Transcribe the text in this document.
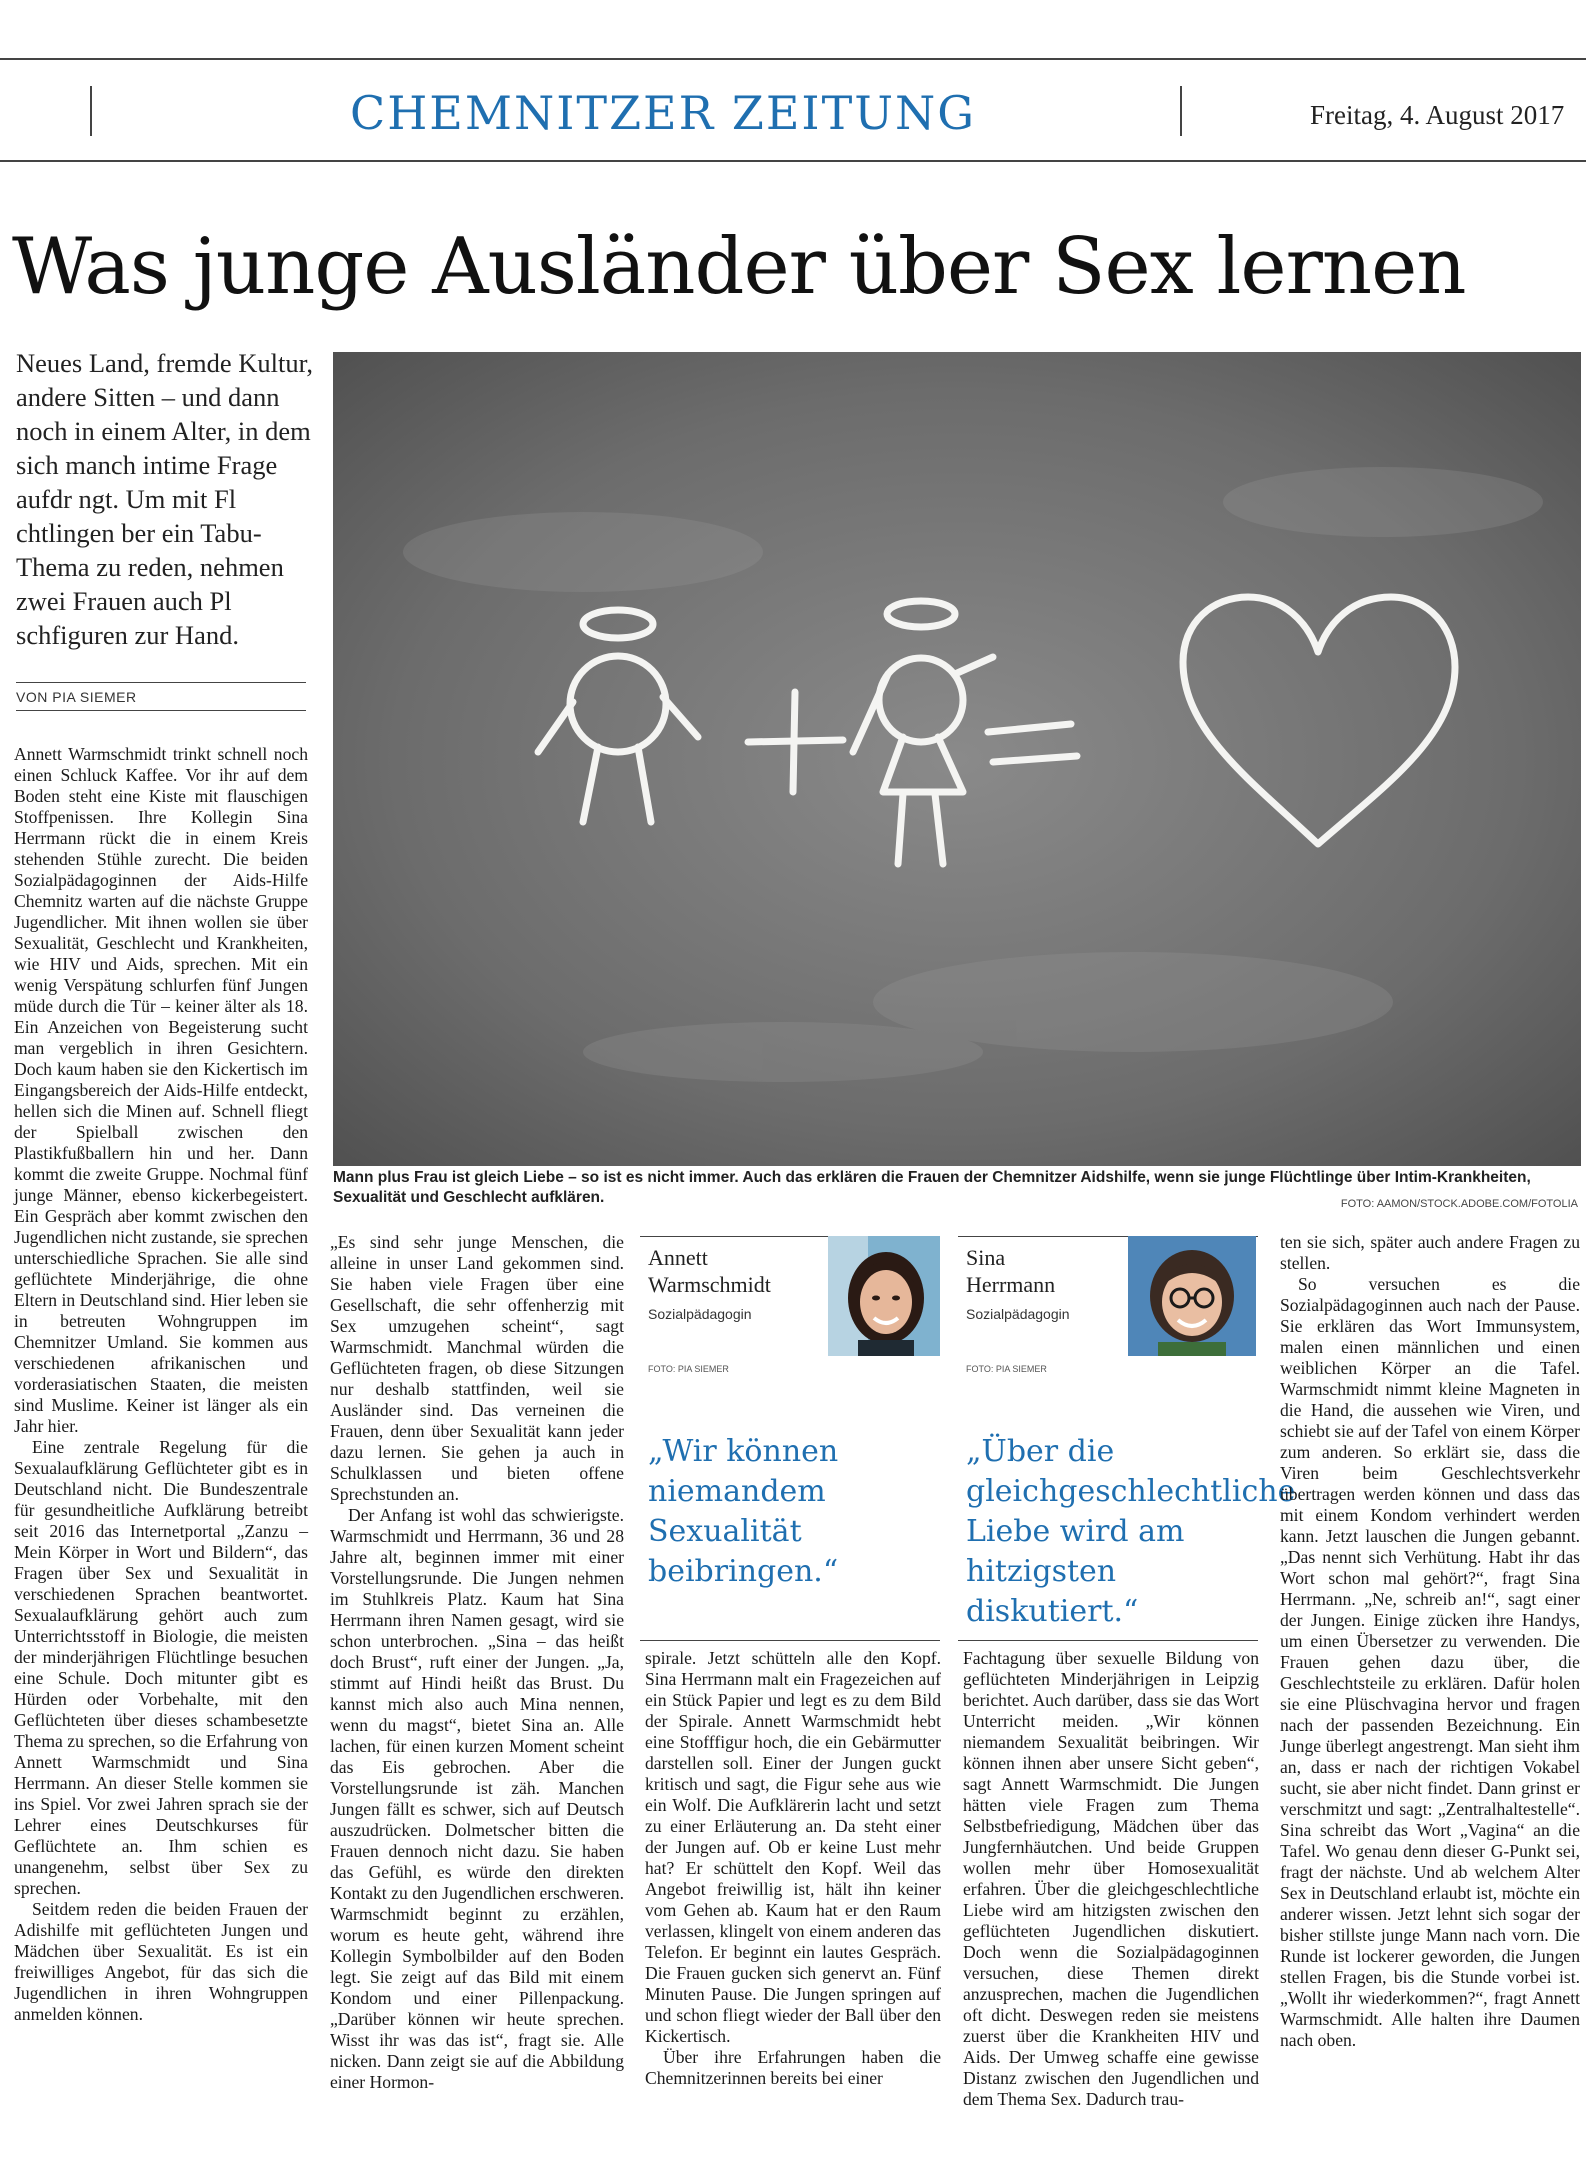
CHEMNITZER ZEITUNG	Freitag, 4. August 2017
Was junge Ausländer über Sex lernen

Neues Land, fremde Kultur, andere Sitten – und dann noch in einem Alter, in dem sich manch intime Frage aufdr ngt. Um mit Fl chtlingen ber ein Tabu-Thema zu reden, nehmen zwei Frauen auch Pl schfiguren zur Hand.

VON PIA SIEMER

Annett Warmschmidt trinkt schnell noch einen Schluck Kaffee. Vor ihr auf dem Boden steht eine Kiste mit flauschigen Stoffpenissen. Ihre Kollegin Sina Herrmann rückt die in einem Kreis stehenden Stühle zurecht. Die beiden Sozialpädagoginnen der Aids-Hilfe Chemnitz warten auf die nächste Gruppe Jugendlicher. Mit ihnen wollen sie über Sexualität, Geschlecht und Krankheiten, wie HIV und Aids, sprechen. Mit ein wenig Verspätung schlurfen fünf Jungen müde durch die Tür – keiner älter als 18. Ein Anzeichen von Begeisterung sucht man vergeblich in ihren Gesichtern. Doch kaum haben sie den Kickertisch im Eingangsbereich der Aids-Hilfe entdeckt, hellen sich die Minen auf. Schnell fliegt der Spielball zwischen den Plastikfußballern hin und her. Dann kommt die zweite Gruppe. Nochmal fünf junge Männer, ebenso kickerbegeistert. Ein Gespräch aber kommt zwischen den Jugendlichen nicht zustande, sie sprechen unterschiedliche Sprachen. Sie alle sind geflüchtete Minderjährige, die ohne Eltern in Deutschland sind. Hier leben sie in betreuten Wohngruppen im Chemnitzer Umland. Sie kommen aus verschiedenen afrikanischen und vorderasiatischen Staaten, die meisten sind Muslime. Keiner ist länger als ein Jahr hier.

Eine zentrale Regelung für die Sexualaufklärung Geflüchteter gibt es in Deutschland nicht. Die Bundeszentrale für gesundheitliche Aufklärung betreibt seit 2016 das Internetportal „Zanzu – Mein Körper in Wort und Bildern“, das Fragen über Sex und Sexualität in verschiedenen Sprachen beantwortet. Sexualaufklärung gehört auch zum Unterrichtsstoff in Biologie, die meisten der minderjährigen Flüchtlinge besuchen eine Schule. Doch mitunter gibt es Hürden oder Vorbehalte, mit den Geflüchteten über dieses schambesetzte Thema zu sprechen, so die Erfahrung von Annett Warmschmidt und Sina Herrmann. An dieser Stelle kommen sie ins Spiel. Vor zwei Jahren sprach sie der Lehrer eines Deutschkurses für Geflüchtete an. Ihm schien es unangenehm, selbst über Sex zu sprechen.

Seitdem reden die beiden Frauen der Adishilfe mit geflüchteten Jungen und Mädchen über Sexualität. Es ist ein freiwilliges Angebot, für das sich die Jugendlichen in ihren Wohngruppen anmelden können.

Mann plus Frau ist gleich Liebe – so ist es nicht immer. Auch das erklären die Frauen der Chemnitzer Aidshilfe, wenn sie junge Flüchtlinge über Intim-Krankheiten, Sexualität und Geschlecht aufklären.	FOTO: AAMON/STOCK.ADOBE.COM/FOTOLIA

„Es sind sehr junge Menschen, die alleine in unser Land gekommen sind. Sie haben viele Fragen über eine Gesellschaft, die sehr offenherzig mit Sex umzugehen scheint“, sagt Warmschmidt. Manchmal würden die Geflüchteten fragen, ob diese Sitzungen nur deshalb stattfinden, weil sie Ausländer sind. Das verneinen die Frauen, denn über Sexualität kann jeder dazu lernen. Sie gehen ja auch in Schulklassen und bieten offene Sprechstunden an.

Der Anfang ist wohl das schwierigste. Warmschmidt und Herrmann, 36 und 28 Jahre alt, beginnen immer mit einer Vorstellungsrunde. Die Jungen nehmen im Stuhlkreis Platz. Kaum hat Sina Herrmann ihren Namen gesagt, wird sie schon unterbrochen. „Sina – das heißt doch Brust“, ruft einer der Jungen. „Ja, stimmt auf Hindi heißt das Brust. Du kannst mich also auch Mina nennen, wenn du magst“, bietet Sina an. Alle lachen, für einen kurzen Moment scheint das Eis gebrochen. Aber die Vorstellungsrunde ist zäh. Manchen Jungen fällt es schwer, sich auf Deutsch auszudrücken. Dolmetscher bitten die Frauen dennoch nicht dazu. Sie haben das Gefühl, es würde den direkten Kontakt zu den Jugendlichen erschweren. Warmschmidt beginnt zu erzählen, worum es heute geht, während ihre Kollegin Symbolbilder auf den Boden legt. Sie zeigt auf das Bild mit einem Kondom und einer Pillenpackung. „Darüber können wir heute sprechen. Wisst ihr was das ist“, fragt sie. Alle nicken. Dann zeigt sie auf die Abbildung einer Hormon-

Annett
Warmschmidt
Sozialpädagogin
FOTO: PIA SIEMER
„Wir können niemandem Sexualität beibringen.“
Sina
Herrmann
Sozialpädagogin
FOTO: PIA SIEMER
„Über die gleichgeschlechtliche Liebe wird am hitzigsten diskutiert.“

spirale. Jetzt schütteln alle den Kopf. Sina Herrmann malt ein Fragezeichen auf ein Stück Papier und legt es zu dem Bild der Spirale. Annett Warmschmidt hebt eine Stofffigur hoch, die ein Gebärmutter darstellen soll. Einer der Jungen guckt kritisch und sagt, die Figur sehe aus wie ein Wolf. Die Aufklärerin lacht und setzt zu einer Erläuterung an. Da steht einer der Jungen auf. Ob er keine Lust mehr hat? Er schüttelt den Kopf. Weil das Angebot freiwillig ist, hält ihn keiner vom Gehen ab. Kaum hat er den Raum verlassen, klingelt von einem anderen das Telefon. Er beginnt ein lautes Gespräch. Die Frauen gucken sich genervt an. Fünf Minuten Pause. Die Jungen springen auf und schon fliegt wieder der Ball über den Kickertisch.

Über ihre Erfahrungen haben die Chemnitzerinnen bereits bei einer

Fachtagung über sexuelle Bildung von geflüchteten Minderjährigen in Leipzig berichtet. Auch darüber, dass sie das Wort Unterricht meiden. „Wir können niemandem Sexualität beibringen. Wir können ihnen aber unsere Sicht geben“, sagt Annett Warmschmidt. Die Jungen hätten viele Fragen zum Thema Selbstbefriedigung, Mädchen über das Jungfernhäutchen. Und beide Gruppen wollen mehr über Homosexualität erfahren. Über die gleichgeschlechtliche Liebe wird am hitzigsten zwischen den geflüchteten Jugendlichen diskutiert. Doch wenn die Sozialpädagoginnen versuchen, diese Themen direkt anzusprechen, machen die Jugendlichen oft dicht. Deswegen reden sie meistens zuerst über die Krankheiten HIV und Aids. Der Umweg schaffe eine gewisse Distanz zwischen den Jugendlichen und dem Thema Sex. Dadurch trau-

ten sie sich, später auch andere Fragen zu stellen.

So versuchen es die Sozialpädagoginnen auch nach der Pause. Sie erklären das Wort Immunsystem, malen einen männlichen und einen weiblichen Körper an die Tafel. Warmschmidt nimmt kleine Magneten in die Hand, die aussehen wie Viren, und schiebt sie auf der Tafel von einem Körper zum anderen. So erklärt sie, dass die Viren beim Geschlechtsverkehr übertragen werden können und dass das mit einem Kondom verhindert werden kann. Jetzt lauschen die Jungen gebannt. „Das nennt sich Verhütung. Habt ihr das Wort schon mal gehört?“, fragt Sina Herrmann. „Ne, schreib an!“, sagt einer der Jungen. Einige zücken ihre Handys, um einen Übersetzer zu verwenden. Die Frauen gehen dazu über, die Geschlechtsteile zu erklären. Dafür holen sie eine Plüschvagina hervor und fragen nach der passenden Bezeichnung. Ein Junge überlegt angestrengt. Man sieht ihm an, dass er nach der richtigen Vokabel sucht, sie aber nicht findet. Dann grinst er verschmitzt und sagt: „Zentralhaltestelle“. Sina schreibt das Wort „Vagina“ an die Tafel. Wo genau denn dieser G-Punkt sei, fragt der nächste. Und ab welchem Alter Sex in Deutschland erlaubt ist, möchte ein anderer wissen. Jetzt lehnt sich sogar der bisher stillste junge Mann nach vorn. Die Runde ist lockerer geworden, die Jungen stellen Fragen, bis die Stunde vorbei ist. „Wollt ihr wiederkommen?“, fragt Annett Warmschmidt. Alle halten ihre Daumen nach oben.
